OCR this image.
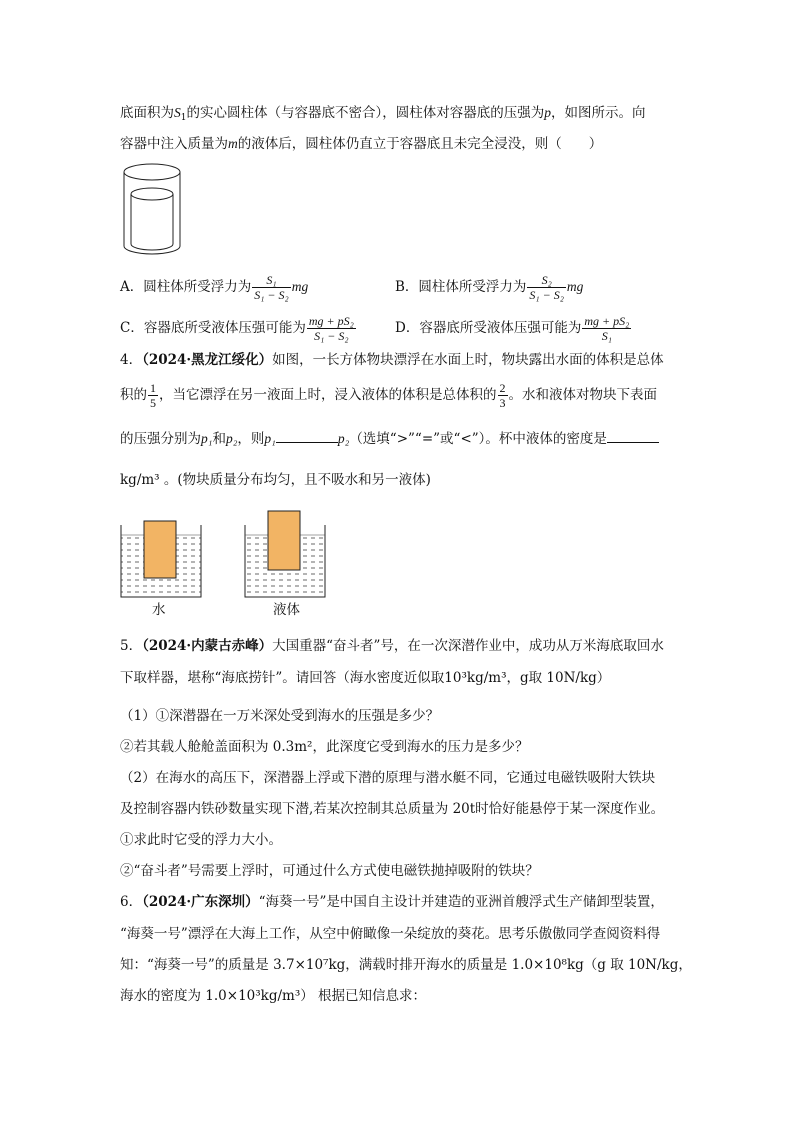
底面积为$S_1$的实心圆柱体（与容器底不密合），圆柱体对容器底的压强为p，如图所示。向
容器中注入质量为m的液体后，圆柱体仍直立于容器底且未完全浸没，则（　　）
A．圆柱体所受浮力为 $\frac{\text{S₁}}{\text{S₁ − S₂}}$ mg	B．圆柱体所受浮力为 $\frac{\text{S₂}}{\text{S₁ − S₂}}$ mg
C．容器底所受液体压强可能为 $\frac{\text{mg + pS₂}}{\text{S₁ − S₂}}$	D．容器底所受液体压强可能为 $\frac{\text{mg + pS₂}}{\text{S₁}}$
4．（2024·黑龙江绥化）如图，一长方体物块漂浮在水面上时，物块露出水面的体积是总体
积的 $\frac{1}{5}$ ，当它漂浮在另一液面上时，浸入液体的体积是总体积的 $\frac{2}{3}$ 。水和液体对物块下表面
的压强分别为p₁和p₂，则p₁	p₂（选填“>”“=”或“<”）。杯中液体的密度是
kg/m³ 。(物块质量分布均匀，且不吸水和另一液体)
水	液体
5．（2024·内蒙古赤峰）大国重器“奋斗者”号，在一次深潜作业中，成功从万米海底取回水
下取样器，堪称“海底捞针”。请回答（海水密度近似取10³kg/m³，g取 10N/kg）
（1）①深潜器在一万米深处受到海水的压强是多少？
②若其载人舱舱盖面积为 0.3m²，此深度它受到海水的压力是多少？
（2）在海水的高压下，深潜器上浮或下潜的原理与潜水艇不同，它通过电磁铁吸附大铁块
及控制容器内铁砂数量实现下潜,若某次控制其总质量为 20t时恰好能悬停于某一深度作业。
①求此时它受的浮力大小。
②“奋斗者”号需要上浮时，可通过什么方式使电磁铁抛掉吸附的铁块？
6．（2024·广东深圳）“海葵一号”是中国自主设计并建造的亚洲首艘浮式生产储卸型装置，
“海葵一号”漂浮在大海上工作，从空中俯瞰像一朵绽放的葵花。思考乐傲傲同学查阅资料得
知：“海葵一号”的质量是 3.7×10⁷kg，满载时排开海水的质量是 1.0×10⁸kg（g 取 10N/kg，
海水的密度为 1.0×10³kg/m³） 根据已知信息求：
